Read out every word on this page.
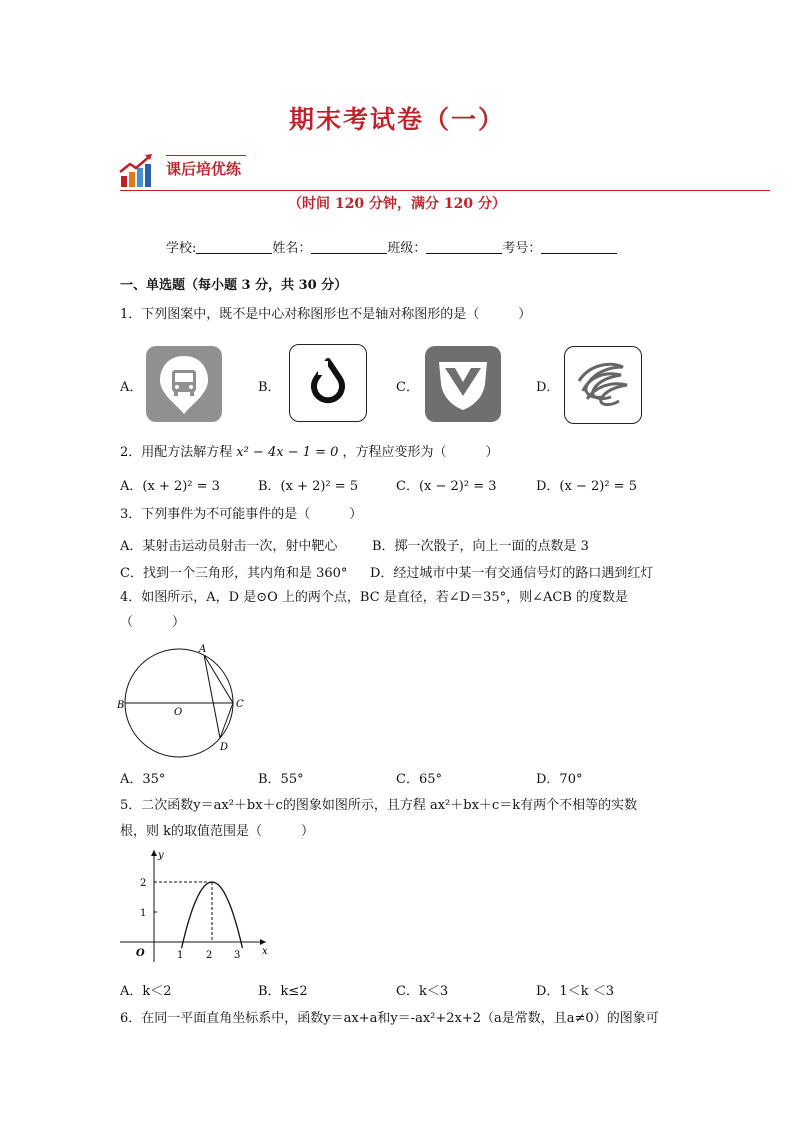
期末考试卷（一）
课后培优练
（时间 120 分钟，满分 120 分）
学校:	姓名：	班级：	考号：
一、单选题（每小题 3 分，共 30 分）
1．下列图案中，既不是中心对称图形也不是轴对称图形的是（　　　）
A．	B．	C．	D．
2．用配方法解方程 x² − 4x − 1 = 0 ，方程应变形为（　　　）
A．(x + 2)² = 3	B．(x + 2)² = 5	C．(x − 2)² = 3	D．(x − 2)² = 5
3．下列事件为不可能事件的是（　　　）
A．某射击运动员射击一次，射中靶心	B．掷一次骰子，向上一面的点数是 3
C．找到一个三角形，其内角和是 360° D．经过城市中某一有交通信号灯的路口遇到红灯
4．如图所示，A，D 是⊙O 上的两个点，BC 是直径，若∠D＝35°，则∠ACB 的度数是
（　　　）
A
B	C
D
O
A．35°	B．55°	C．65°	D．70°
5．二次函数y＝ax²＋bx＋c的图象如图所示，且方程 ax²＋bx＋c＝k有两个不相等的实数
根，则 k的取值范围是（　　　）
y
x
O	1 2 3
1
2
A．k＜2	B．k≤2	C．k＜3	D．1＜k ＜3
6．在同一平面直角坐标系中，函数y＝ax+a和y＝-ax²+2x+2（a是常数，且a≠0）的图象可
